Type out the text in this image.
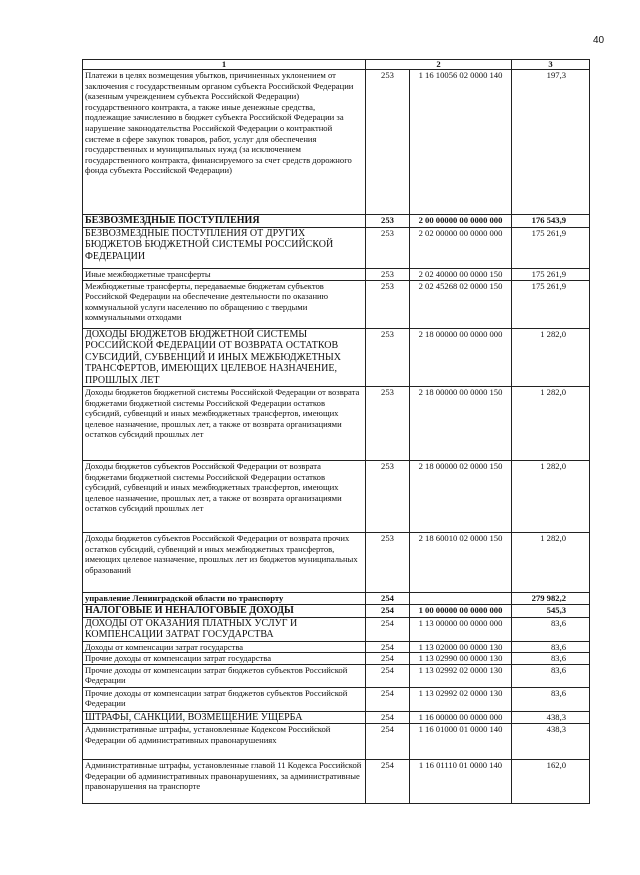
40
1	2		3
Платежи в целях возмещения убытков, причиненных уклонением от заключения с государственным органом субъекта Российской Федерации (казенным учреждением субъекта Российской Федерации) государственного контракта, а также иные денежные средства, подлежащие зачислению в бюджет субъекта Российской Федерации за нарушение законодательства Российской Федерации о контрактной системе в сфере закупок товаров, работ, услуг для обеспечения государственных и муниципальных нужд (за исключением государственного контракта, финансируемого за счет средств дорожного фонда субъекта Российской Федерации)	253	1 16 10056 02 0000 140	197,3
БЕЗВОЗМЕЗДНЫЕ ПОСТУПЛЕНИЯ	253	2 00 00000 00 0000 000	176 543,9
БЕЗВОЗМЕЗДНЫЕ ПОСТУПЛЕНИЯ ОТ ДРУГИХ БЮДЖЕТОВ БЮДЖЕТНОЙ СИСТЕМЫ РОССИЙСКОЙ ФЕДЕРАЦИИ	253	2 02 00000 00 0000 000	175 261,9
Иные межбюджетные трансферты	253	2 02 40000 00 0000 150	175 261,9
Межбюджетные трансферты, передаваемые бюджетам субъектов Российской Федерации на обеспечение деятельности по оказанию коммунальной услуги населению по обращению с твердыми коммунальными отходами	253	2 02 45268 02 0000 150	175 261,9
ДОХОДЫ БЮДЖЕТОВ БЮДЖЕТНОЙ СИСТЕМЫ РОССИЙСКОЙ ФЕДЕРАЦИИ ОТ ВОЗВРАТА ОСТАТКОВ СУБСИДИЙ, СУБВЕНЦИЙ И ИНЫХ МЕЖБЮДЖЕТНЫХ ТРАНСФЕРТОВ, ИМЕЮЩИХ ЦЕЛЕВОЕ НАЗНАЧЕНИЕ, ПРОШЛЫХ ЛЕТ	253	2 18 00000 00 0000 000	1 282,0
Доходы бюджетов бюджетной системы Российской Федерации от возврата бюджетами бюджетной системы Российской Федерации остатков субсидий, субвенций и иных межбюджетных трансфертов, имеющих целевое назначение, прошлых лет, а также от возврата организациями остатков субсидий прошлых лет	253	2 18 00000 00 0000 150	1 282,0
Доходы бюджетов субъектов Российской Федерации от возврата бюджетами бюджетной системы Российской Федерации остатков субсидий, субвенций и иных межбюджетных трансфертов, имеющих целевое назначение, прошлых лет, а также от возврата организациями остатков субсидий прошлых лет	253	2 18 00000 02 0000 150	1 282,0
Доходы бюджетов субъектов Российской Федерации от возврата прочих остатков субсидий, субвенций и иных межбюджетных трансфертов, имеющих целевое назначение, прошлых лет из бюджетов муниципальных образований	253	2 18 60010 02 0000 150	1 282,0
управление Ленинградской области по транспорту	254		279 982,2
НАЛОГОВЫЕ И НЕНАЛОГОВЫЕ ДОХОДЫ	254	1 00 00000 00 0000 000	545,3
ДОХОДЫ ОТ ОКАЗАНИЯ ПЛАТНЫХ УСЛУГ И КОМПЕНСАЦИИ ЗАТРАТ ГОСУДАРСТВА	254	1 13 00000 00 0000 000	83,6
Доходы от компенсации затрат государства	254	1 13 02000 00 0000 130	83,6
Прочие доходы от компенсации затрат государства	254	1 13 02990 00 0000 130	83,6
Прочие доходы от компенсации затрат бюджетов субъектов Российской Федерации	254	1 13 02992 02 0000 130	83,6
Прочие доходы от компенсации затрат бюджетов субъектов Российской Федерации	254	1 13 02992 02 0000 130	83,6
ШТРАФЫ, САНКЦИИ, ВОЗМЕЩЕНИЕ УЩЕРБА	254	1 16 00000 00 0000 000	438,3
Административные штрафы, установленные Кодексом Российской Федерации об административных правонарушениях	254	1 16 01000 01 0000 140	438,3
Административные штрафы, установленные главой 11 Кодекса Российской Федерации об административных правонарушениях, за административные правонарушения на транспорте	254	1 16 01110 01 0000 140	162,0
